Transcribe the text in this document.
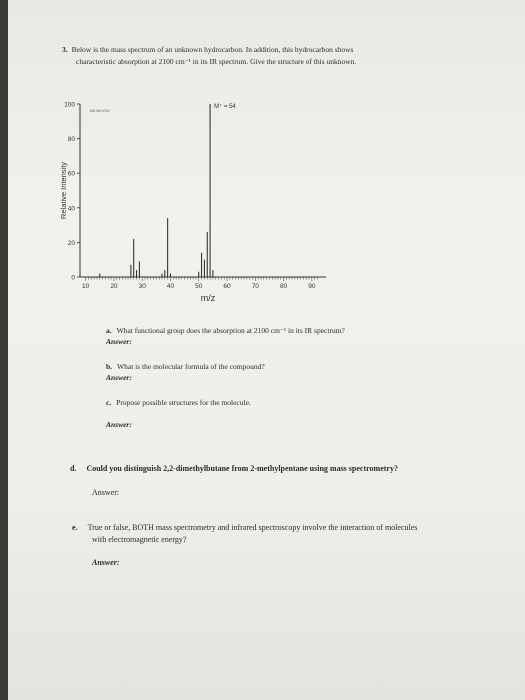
3. Below is the mass spectrum of an unknown hydrocarbon. In addition, this hydrocarbon shows
characteristic absorption at 2100 cm⁻¹ in its IR spectrum. Give the structure of this unknown.
0
20
40
60
80
100
10	20	30	40	50	60	70	80	90
m/z
Relative Intensity
MS-IW-9744
M⁺ = 54
a. What functional group does the absorption at 2100 cm⁻¹ in its IR spectrum?
Answer:
b. What is the molecular formula of the compound?
Answer:
c. Propose possible structures for the molecule.
Answer:
d. Could you distinguish 2,2-dimethylbutane from 2-methylpentane using mass spectrometry?
Answer:
e. True or false, BOTH mass spectrometry and infrared spectroscopy involve the interaction of molecules
with electromagnetic energy?
Answer:
